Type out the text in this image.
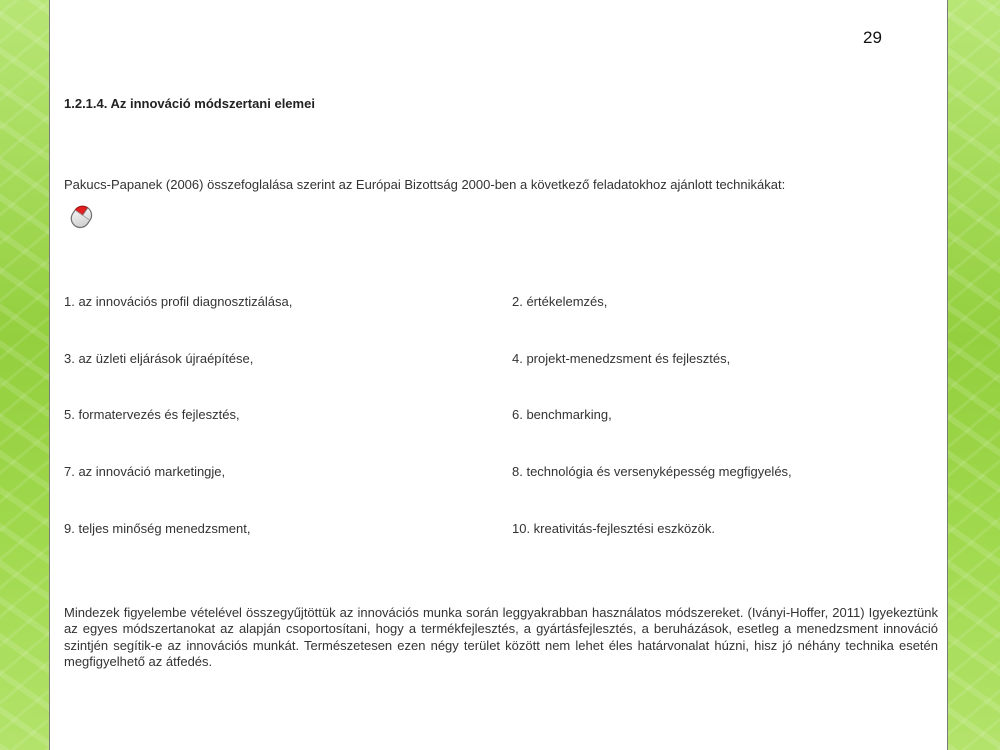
29
1.2.1.4. Az innováció módszertani elemei
Pakucs-Papanek (2006) összefoglalása szerint az Európai Bizottság 2000-ben a következő feladatokhoz ajánlott technikákat:
1. az innovációs profil diagnosztizálása,	2. értékelemzés,
3. az üzleti eljárások újraépítése,	4. projekt-menedzsment és fejlesztés,
5. formatervezés és fejlesztés,	6. benchmarking,
7. az innováció marketingje,	8. technológia és versenyképesség megfigyelés,
9. teljes minőség menedzsment,	10. kreativitás-fejlesztési eszközök.

Mindezek figyelembe vételével összegyűjtöttük az innovációs munka során leggyakrabban használatos módszereket. (Iványi-Hoffer, 2011) Igyekeztünk az egyes módszertanokat az alapján csoportosítani, hogy a termékfejlesztés, a gyártásfejlesztés, a beruházások, esetleg a menedzsment innováció szintjén segítik-e az innovációs munkát. Természetesen ezen négy terület között nem lehet éles határvonalat húzni, hisz jó néhány technika esetén megfigyelhető az átfedés.
